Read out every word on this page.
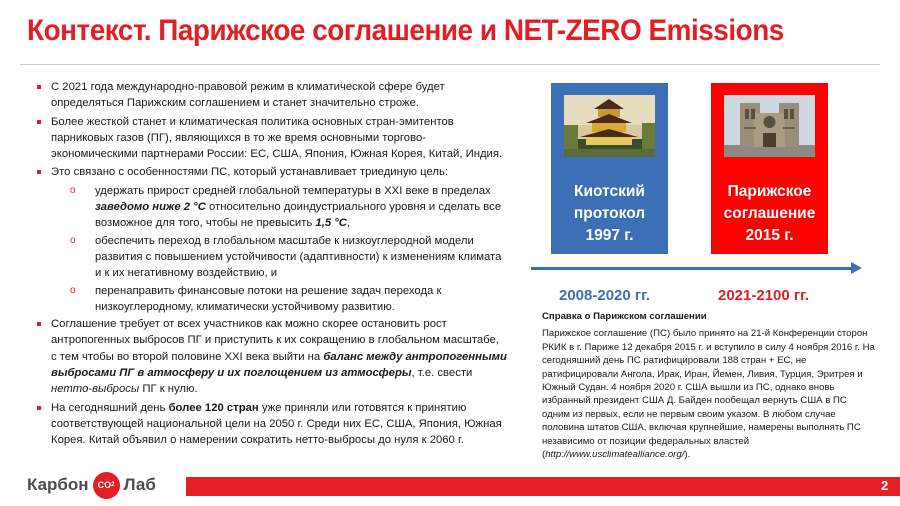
Контекст. Парижское соглашение и NET-ZERO Emissions
С 2021 года международно-правовой режим в климатической сфере будет определяться Парижским соглашением и станет значительно строже.
Более жесткой станет и климатическая политика основных стран-эмитентов парниковых газов (ПГ), являющихся в то же время основными торгово-экономическими партнерами России: ЕС, США, Япония, Южная Корея, Китай, Индия.
Это связано с особенностями ПС, который устанавливает триединую цель:
o удержать прирост средней глобальной температуры в XXI веке в пределах заведомо ниже 2 °С относительно доиндустриального уровня и сделать все возможное для того, чтобы не превысить 1,5 °С,
o обеспечить переход в глобальном масштабе к низкоуглеродной модели развития с повышением устойчивости (адаптивности) к изменениям климата и к их негативному воздействию, и
o перенаправить финансовые потоки на решение задач перехода к низкоуглеродному, климатически устойчивому развитию.
Соглашение требует от всех участников как можно скорее остановить рост антропогенных выбросов ПГ и приступить к их сокращению в глобальном масштабе, с тем чтобы во второй половине XXI века выйти на баланс между антропогенными выбросами ПГ в атмосферу и их поглощением из атмосферы, т.е. свести нетто-выбросы ПГ к нулю.
На сегодняшний день более 120 стран уже приняли или готовятся к принятию соответствующей национальной цели на 2050 г. Среди них ЕС, США, Япония, Южная Корея. Китай объявил о намерении сократить нетто-выбросы до нуля к 2060 г.
Киотский
протокол
1997 г.
Парижское
соглашение
2015 г.
2008-2020 гг.	2021-2100 гг.
Справка о Парижском соглашении
Парижское соглашение (ПС) было принято на 21-й Конференции сторон РКИК в г. Париже 12 декабря 2015 г. и вступило в силу 4 ноября 2016 г. На сегодняшний день ПС ратифицировали 188 стран + ЕС, не ратифицировали Ангола, Ирак, Иран, Йемен, Ливия, Турция, Эритрея и Южный Судан. 4 ноября 2020 г. США вышли из ПС, однако вновь избранный президент США Д. Байден пообещал вернуть США в ПС одним из первых, если не первым своим указом. В любом случае половина штатов США, включая крупнейшие, намерены выполнять ПС независимо от позиции федеральных властей (http://www.usclimatealliance.org/).
2
Карбон CO 2 Лаб
